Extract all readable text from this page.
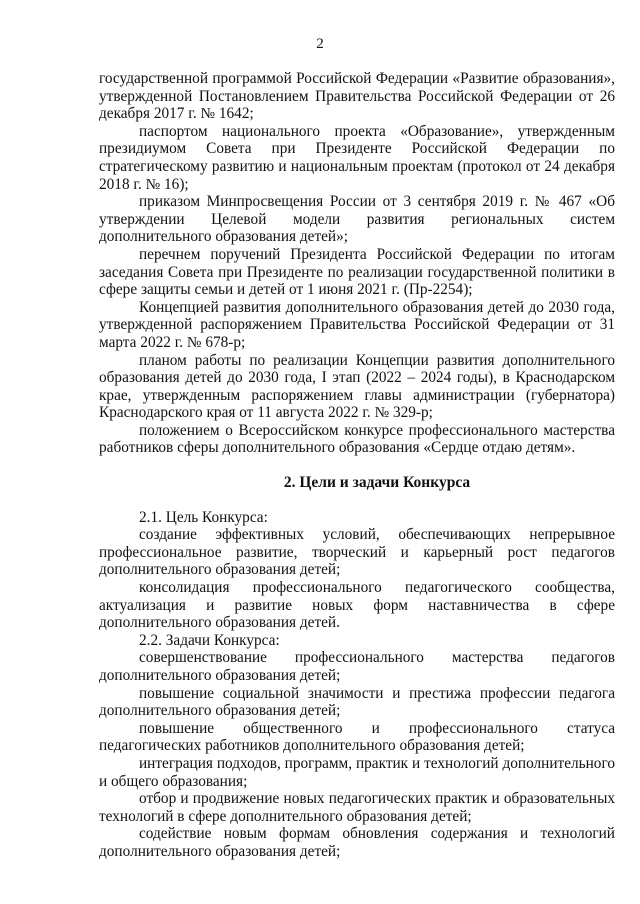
2

государственной программой Российской Федерации «Развитие образования», утвержденной Постановлением Правительства Российской Федерации от 26 декабря 2017 г. № 1642;

паспортом национального проекта «Образование», утвержденным президиумом Совета при Президенте Российской Федерации по стратегическому развитию и национальным проектам (протокол от 24 декабря 2018 г. № 16);

приказом Минпросвещения России от 3 сентября 2019 г. № 467 «Об утверждении Целевой модели развития региональных систем дополнительного образования детей»;

перечнем поручений Президента Российской Федерации по итогам заседания Совета при Президенте по реализации государственной политики в сфере защиты семьи и детей от 1 июня 2021 г. (Пр-2254);

Концепцией развития дополнительного образования детей до 2030 года, утвержденной распоряжением Правительства Российской Федерации от 31 марта 2022 г. № 678-р;

планом работы по реализации Концепции развития дополнительного образования детей до 2030 года, I этап (2022 – 2024 годы), в Краснодарском крае, утвержденным распоряжением главы администрации (губернатора) Краснодарского края от 11 августа 2022 г. № 329-р;

положением о Всероссийском конкурсе профессионального мастерства работников сферы дополнительного образования «Сердце отдаю детям».

2. Цели и задачи Конкурса

2.1. Цель Конкурса:

создание эффективных условий, обеспечивающих непрерывное профессиональное развитие, творческий и карьерный рост педагогов дополнительного образования детей;

консолидация профессионального педагогического сообщества, актуализация и развитие новых форм наставничества в сфере дополнительного образования детей.

2.2. Задачи Конкурса:

совершенствование профессионального мастерства педагогов дополнительного образования детей;

повышение социальной значимости и престижа профессии педагога дополнительного образования детей;

повышение общественного и профессионального статуса педагогических работников дополнительного образования детей;

интеграция подходов, программ, практик и технологий дополнительного и общего образования;

отбор и продвижение новых педагогических практик и образовательных технологий в сфере дополнительного образования детей;

содействие новым формам обновления содержания и технологий дополнительного образования детей;
